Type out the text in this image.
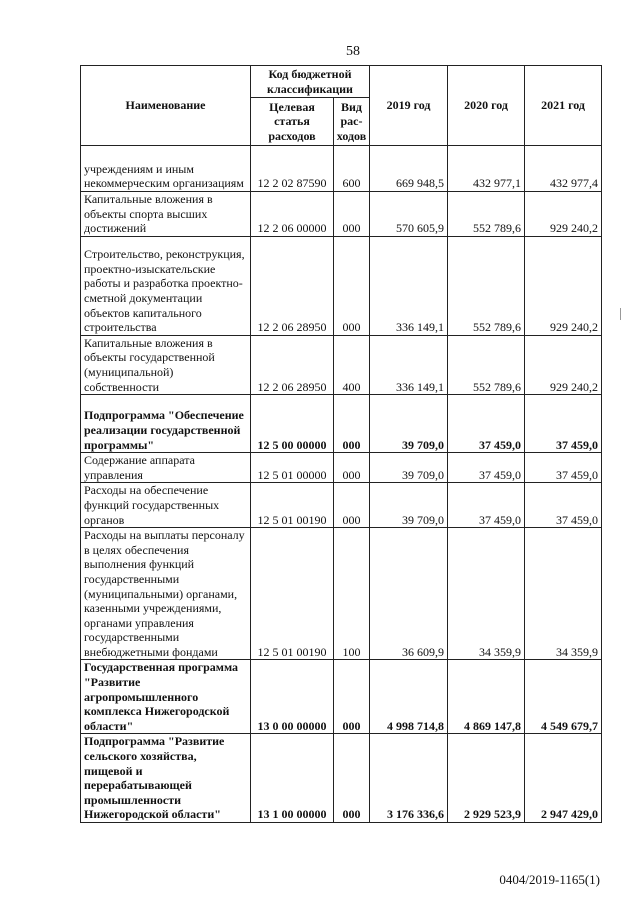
58
Наименование	Код бюджетной классификации		2019 год	2020 год	2021 год
	Целевая статья расходов	Вид рас-ходов			
учреждениям и иным некоммерческим организациям	12 2 02 87590	600	669 948,5	432 977,1	432 977,4
Капитальные вложения в объекты спорта высших достижений	12 2 06 00000	000	570 605,9	552 789,6	929 240,2
Строительство, реконструкция, проектно-изыскательские работы и разработка проектно-сметной документации объектов капитального строительства	12 2 06 28950	000	336 149,1	552 789,6	929 240,2
Капитальные вложения в объекты государственной (муниципальной) собственности	12 2 06 28950	400	336 149,1	552 789,6	929 240,2
Подпрограмма "Обеспечение реализации государственной программы"	12 5 00 00000	000	39 709,0	37 459,0	37 459,0
Содержание аппарата управления	12 5 01 00000	000	39 709,0	37 459,0	37 459,0
Расходы на обеспечение функций государственных органов	12 5 01 00190	000	39 709,0	37 459,0	37 459,0
Расходы на выплаты персоналу в целях обеспечения выполнения функций государственными (муниципальными) органами, казенными учреждениями, органами управления государственными внебюджетными фондами	12 5 01 00190	100	36 609,9	34 359,9	34 359,9
Государственная программа "Развитие агропромышленного комплекса Нижегородской области"	13 0 00 00000	000	4 998 714,8	4 869 147,8	4 549 679,7
Подпрограмма "Развитие сельского хозяйства, пищевой и перерабатывающей промышленности Нижегородской области"	13 1 00 00000	000	3 176 336,6	2 929 523,9	2 947 429,0
0404/2019-1165(1)
